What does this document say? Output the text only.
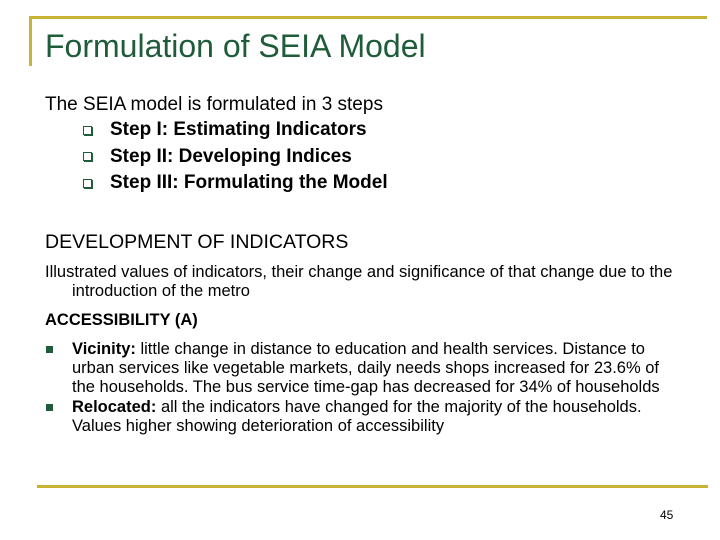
Formulation of SEIA Model
The SEIA model is formulated in 3 steps
Step I: Estimating Indicators
Step II: Developing Indices
Step III: Formulating the Model
DEVELOPMENT OF INDICATORS
Illustrated values of indicators, their change and significance of that change due to the introduction of the metro
ACCESSIBILITY (A)
Vicinity: little change in distance to education and health services. Distance to urban services like vegetable markets, daily needs shops increased for 23.6% of the households. The bus service time-gap has decreased for 34% of households
Relocated: all the indicators have changed for the majority of the households. Values higher showing deterioration of accessibility
45
